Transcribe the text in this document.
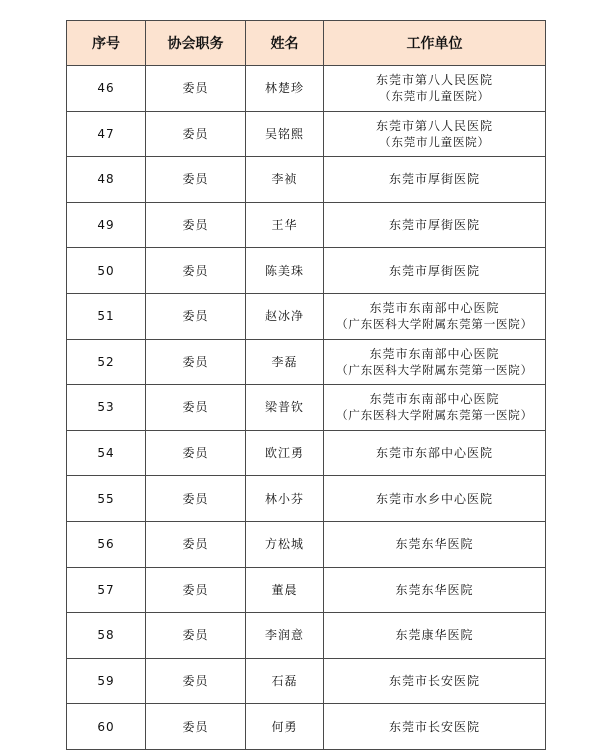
序号	协会职务	姓名	工作单位
46	委员	林楚珍	东莞市第八人民医院
（东莞市儿童医院）

47	委员	吴铭熙	东莞市第八人民医院
（东莞市儿童医院）

48	委员	李祯	东莞市厚街医院

49	委员	王华	东莞市厚街医院

50	委员	陈美珠	东莞市厚街医院

51	委员	赵冰净	东莞市东南部中心医院
（广东医科大学附属东莞第一医院）

52	委员	李磊	东莞市东南部中心医院
（广东医科大学附属东莞第一医院）

53	委员	梁普钦	东莞市东南部中心医院
（广东医科大学附属东莞第一医院）

54	委员	欧江勇	东莞市东部中心医院

55	委员	林小芬	东莞市水乡中心医院

56	委员	方松城	东莞东华医院

57	委员	董晨	东莞东华医院

58	委员	李润意	东莞康华医院

59	委员	石磊	东莞市长安医院

60	委员	何勇	东莞市长安医院
